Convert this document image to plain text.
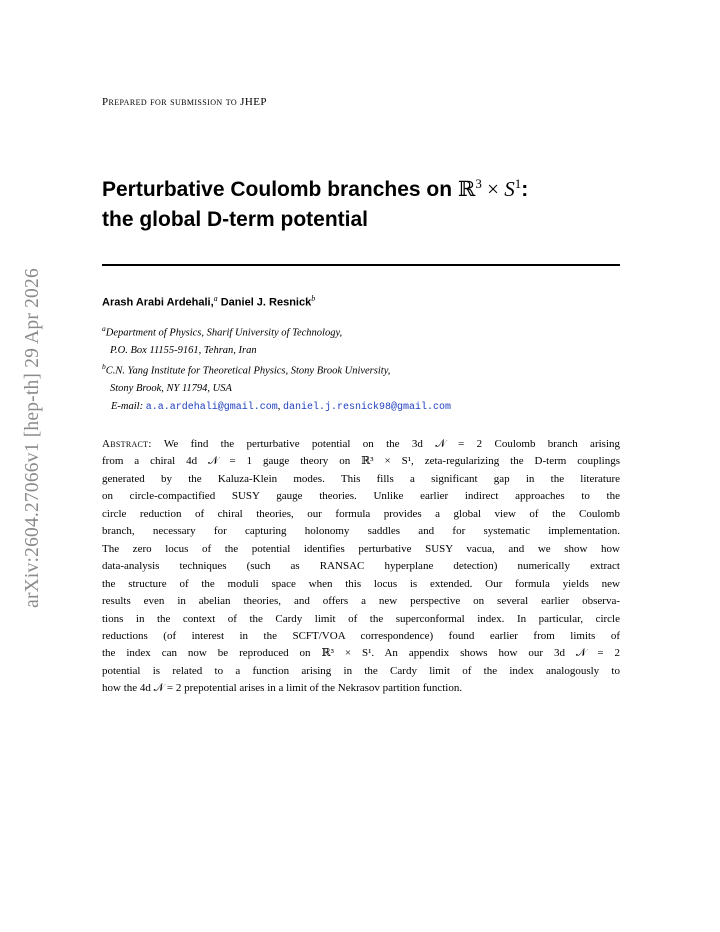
arXiv:2604.27066v1 [hep-th] 29 Apr 2026
Prepared for submission to JHEP
Perturbative Coulomb branches on ℝ$^3$ × $S^1$:
the global D-term potential
Arash Arabi Ardehali,$^a$ Daniel J. Resnick$^b$
$^a$Department of Physics, Sharif University of Technology,
P.O. Box 11155-9161, Tehran, Iran
$^b$C.N. Yang Institute for Theoretical Physics, Stony Brook University,
Stony Brook, NY 11794, USA
E-mail: a.a.ardehali@gmail.com, daniel.j.resnick98@gmail.com
Abstract: We find the perturbative potential on the 3d 𝒩 = 2 Coulomb branch arising
from a chiral 4d 𝒩 = 1 gauge theory on ℝ³ × S¹, zeta-regularizing the D-term couplings
generated by the Kaluza-Klein modes. This fills a significant gap in the literature
on circle-compactified SUSY gauge theories. Unlike earlier indirect approaches to the
circle reduction of chiral theories, our formula provides a global view of the Coulomb
branch, necessary for capturing holonomy saddles and for systematic implementation.
The zero locus of the potential identifies perturbative SUSY vacua, and we show how
data-analysis techniques (such as RANSAC hyperplane detection) numerically extract
the structure of the moduli space when this locus is extended. Our formula yields new
results even in abelian theories, and offers a new perspective on several earlier observa-
tions in the context of the Cardy limit of the superconformal index. In particular, circle
reductions (of interest in the SCFT/VOA correspondence) found earlier from limits of
the index can now be reproduced on ℝ³ × S¹. An appendix shows how our 3d 𝒩 = 2
potential is related to a function arising in the Cardy limit of the index analogously to
how the 4d 𝒩 = 2 prepotential arises in a limit of the Nekrasov partition function.
